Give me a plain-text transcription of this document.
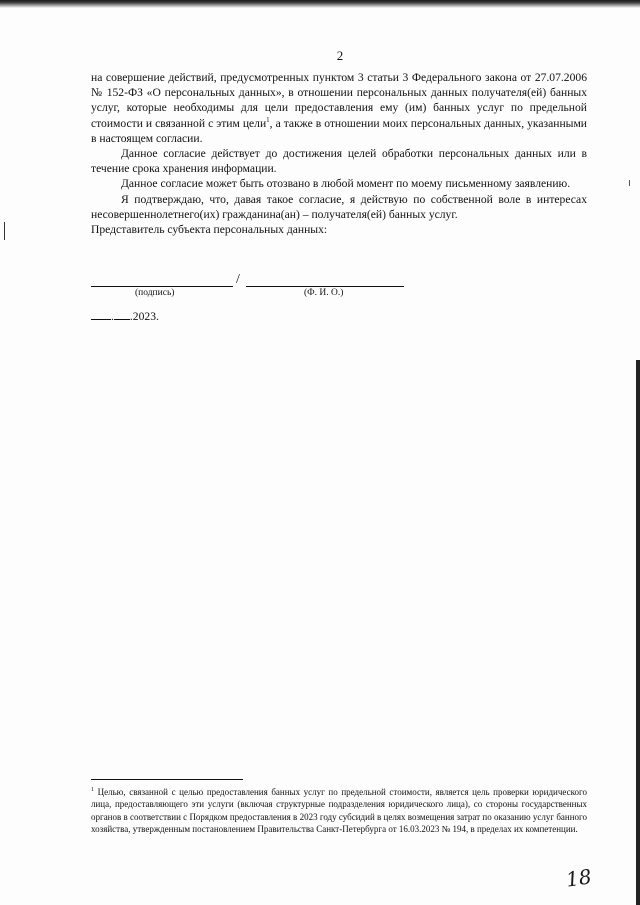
2

на совершение действий, предусмотренных пунктом 3 статьи 3 Федерального закона от 27.07.2006 № 152-ФЗ «О персональных данных», в отношении персональных данных получателя(ей) банных услуг, которые необходимы для цели предоставления ему (им) банных услуг по предельной стоимости и связанной с этим цели$^1$, а также в отношении моих персональных данных, указанными в настоящем согласии.

Данное согласие действует до достижения целей обработки персональных данных или в течение срока хранения информации.

Данное согласие может быть отозвано в любой момент по моему письменному заявлению.

Я подтверждаю, что, давая такое согласие, я действую по собственной воле в интересах несовершеннолетнего(их) гражданина(ан) – получателя(ей) банных услуг.

Представитель субъекта персональных данных:

/
(подпись)	(Ф. И. О.)
. .2023.
$^1$ Целью, связанной с целью предоставления банных услуг по предельной стоимости, является цель проверки юридического лица, предоставляющего эти услуги (включая структурные подразделения юридического лица), со стороны государственных органов в соответствии с Порядком предоставления в 2023 году субсидий в целях возмещения затрат по оказанию услуг банного хозяйства, утвержденным постановлением Правительства Санкт-Петербурга от 16.03.2023 № 194, в пределах их компетенции.
18
